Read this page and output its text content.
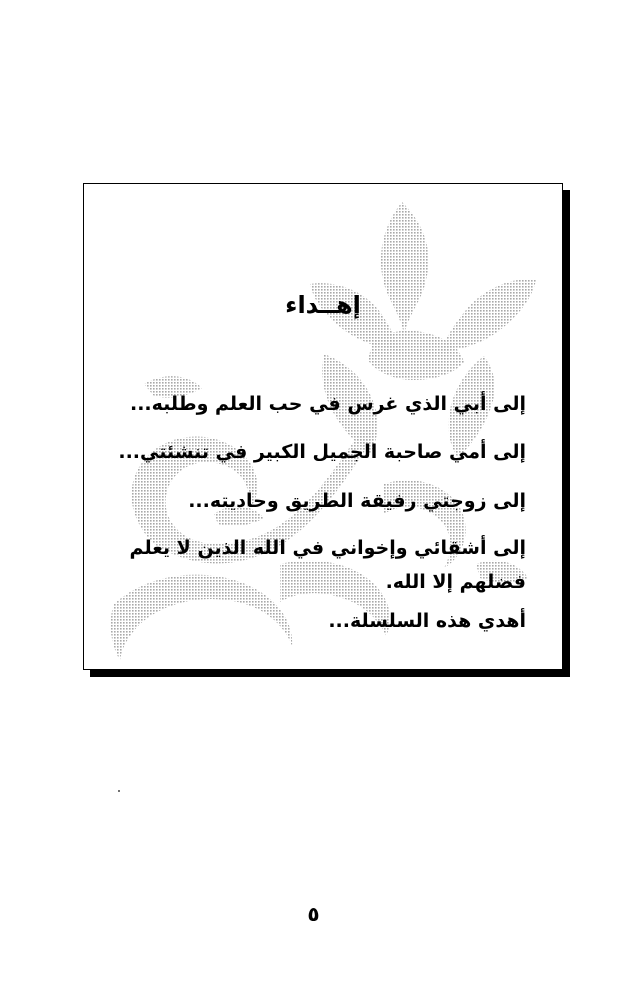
إهــداء

إلى أبي الذي غرس في حب العلم وطلبه...

إلى أمي صاحبة الجميل الكبير في تنشئتي...

إلى زوجتي رفيقة الطريق وحاديته...

إلى أشقائي وإخواني في الله الذين لا يعلم فضلهم إلا الله.

أهدي هذه السلسلة...

٥
